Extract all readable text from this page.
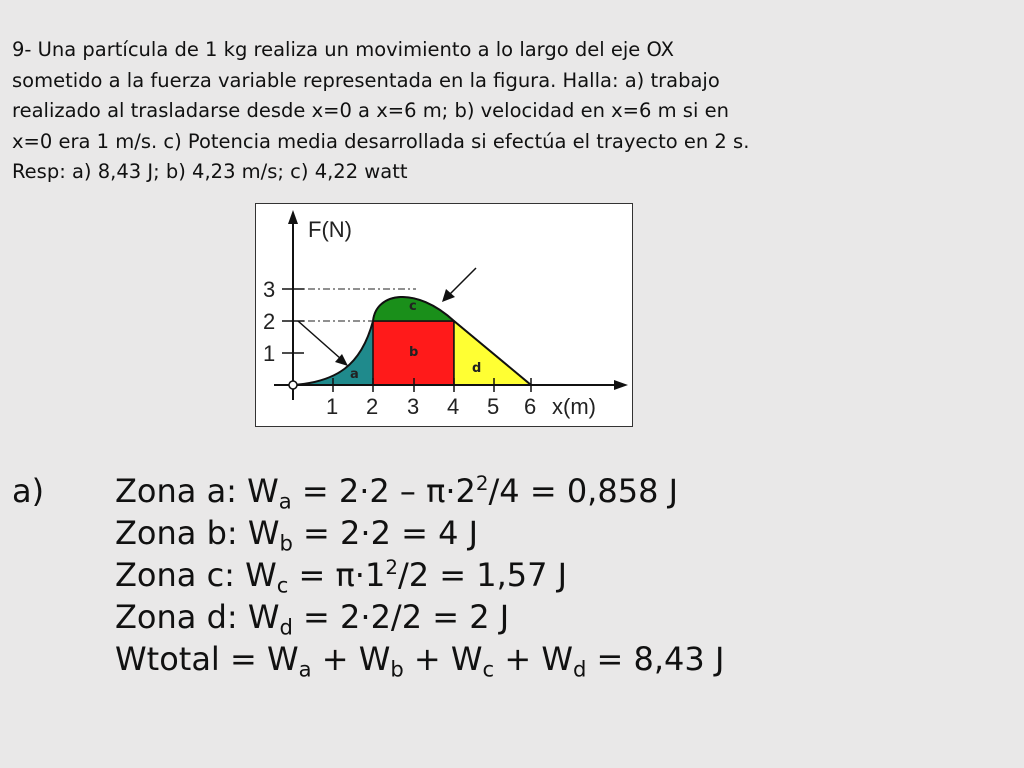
9- Una partícula de 1 kg realiza un movimiento a lo largo del eje OX
sometido a la fuerza variable representada en la figura. Halla: a) trabajo
realizado al trasladarse desde x=0 a x=6 m; b) velocidad en x=6 m si en
x=0 era 1 m/s. c) Potencia media desarrollada si efectúa el trayecto en 2 s.
Resp: a) 8,43 J; b) 4,23 m/s; c) 4,22 watt
F(N)
x(m)
1
2
3
1 2 3 4 5 6
a
b
c
d
a) Zona a: $W_a = 2\cdot 2 - \pi\cdot 2^2/4 = 0,858$ J
Zona b: $W_b = 2\cdot 2 = 4$ J
Zona c: $W_c = \pi\cdot 1^2/2 = 1,57$ J
Zona d: $W_d = 2\cdot 2/2 = 2$ J
Wtotal = $W_a + W_b + W_c + W_d = 8,43$ J
